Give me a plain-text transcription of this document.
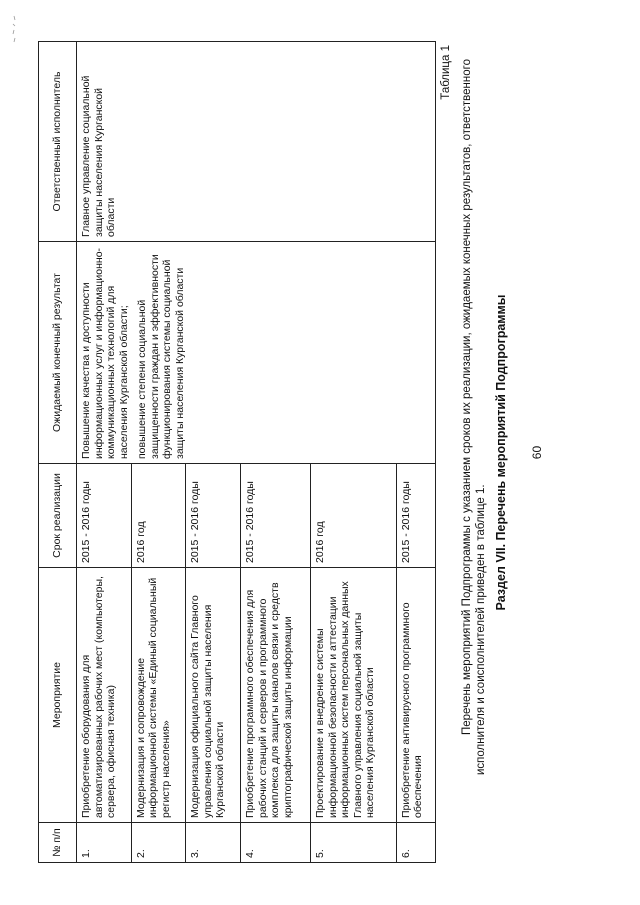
60
Раздел VII. Перечень мероприятий Подпрограммы
Перечень мероприятий Подпрограммы с указанием сроков их реализации, ожидаемых конечных результатов, ответственного исполнителя и соисполнителей приведен в таблице 1.
Таблица 1
№ п/п	Мероприятие	Срок реализации	Ожидаемый конечный результат	Ответственный исполнитель
1.	Приобретение оборудования для автоматизированных рабочих мест (компьютеры, сервера, офисная техника)	2015 - 2016 годы	Повышение качества и доступности информационных услуг и информационно-коммуникационных технологий для населения Курганской области; повышение степени социальной защищенности граждан и эффективности функционирования системы социальной защиты населения Курганской области	Главное управление социальной защиты населения Курганской области
2.	Модернизация и сопровождение информационной системы «Единый социальный регистр населения»	2016 год		
3.	Модернизация официального сайта Главного управления социальной защиты населения Курганской области	2015 - 2016 годы		
4.	Приобретение программного обеспечения для рабочих станций и серверов и программного комплекса для защиты каналов связи и средств криптографической защиты информации	2015 - 2016 годы		
5.	Проектирование и внедрение системы информационной безопасности и аттестации информационных систем персональных данных Главного управления социальной защиты населения Курганской области	2016 год		
6.	Приобретение антивирусного программного обеспечения	2015 - 2016 годы		
